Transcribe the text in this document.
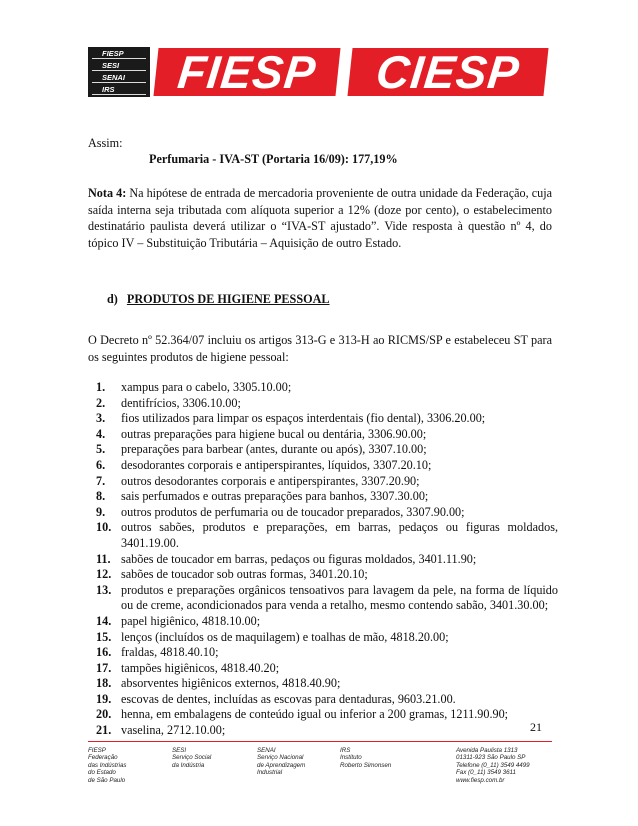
FIESP
SESI
SENAI
IRS	FIESP	CIESP
Assim:
Perfumaria - IVA-ST (Portaria 16/09): 177,19%
Nota 4: Na hipótese de entrada de mercadoria proveniente de outra unidade da Federação, cuja saída interna seja tributada com alíquota superior a 12% (doze por cento), o estabelecimento destinatário paulista deverá utilizar o “IVA-ST ajustado”. Vide resposta à questão nº 4, do tópico IV – Substituição Tributária – Aquisição de outro Estado.
d) PRODUTOS DE HIGIENE PESSOAL
O Decreto nº 52.364/07 incluiu os artigos 313-G e 313-H ao RICMS/SP e estabeleceu ST para os seguintes produtos de higiene pessoal:
1. xampus para o cabelo, 3305.10.00;
2. dentifrícios, 3306.10.00;
3. fios utilizados para limpar os espaços interdentais (fio dental), 3306.20.00;
4. outras preparações para higiene bucal ou dentária, 3306.90.00;
5. preparações para barbear (antes, durante ou após), 3307.10.00;
6. desodorantes corporais e antiperspirantes, líquidos, 3307.20.10;
7. outros desodorantes corporais e antiperspirantes, 3307.20.90;
8. sais perfumados e outras preparações para banhos, 3307.30.00;
9. outros produtos de perfumaria ou de toucador preparados, 3307.90.00;
10. outros sabões, produtos e preparações, em barras, pedaços ou figuras moldados, 3401.19.00.
11. sabões de toucador em barras, pedaços ou figuras moldados, 3401.11.90;
12. sabões de toucador sob outras formas, 3401.20.10;
13. produtos e preparações orgânicos tensoativos para lavagem da pele, na forma de líquido ou de creme, acondicionados para venda a retalho, mesmo contendo sabão, 3401.30.00;
14. papel higiênico, 4818.10.00;
15. lenços (incluídos os de maquilagem) e toalhas de mão, 4818.20.00;
16. fraldas, 4818.40.10;
17. tampões higiênicos, 4818.40.20;
18. absorventes higiênicos externos, 4818.40.90;
19. escovas de dentes, incluídas as escovas para dentaduras, 9603.21.00.
20. henna, em embalagens de conteúdo igual ou inferior a 200 gramas, 1211.90.90;
21. vaselina, 2712.10.00;	21
FIESP
Federação
das Indústrias
do Estado
de São Paulo
SESI
Serviço Social
da Indústria
SENAI
Serviço Nacional
de Aprendizagem
Industrial
IRS
Instituto
Roberto Simonsen
Avenida Paulista 1313
01311-923 São Paulo SP
Telefone (0_11) 3549 4499
Fax (0_11) 3549 3611
www.fiesp.com.br
